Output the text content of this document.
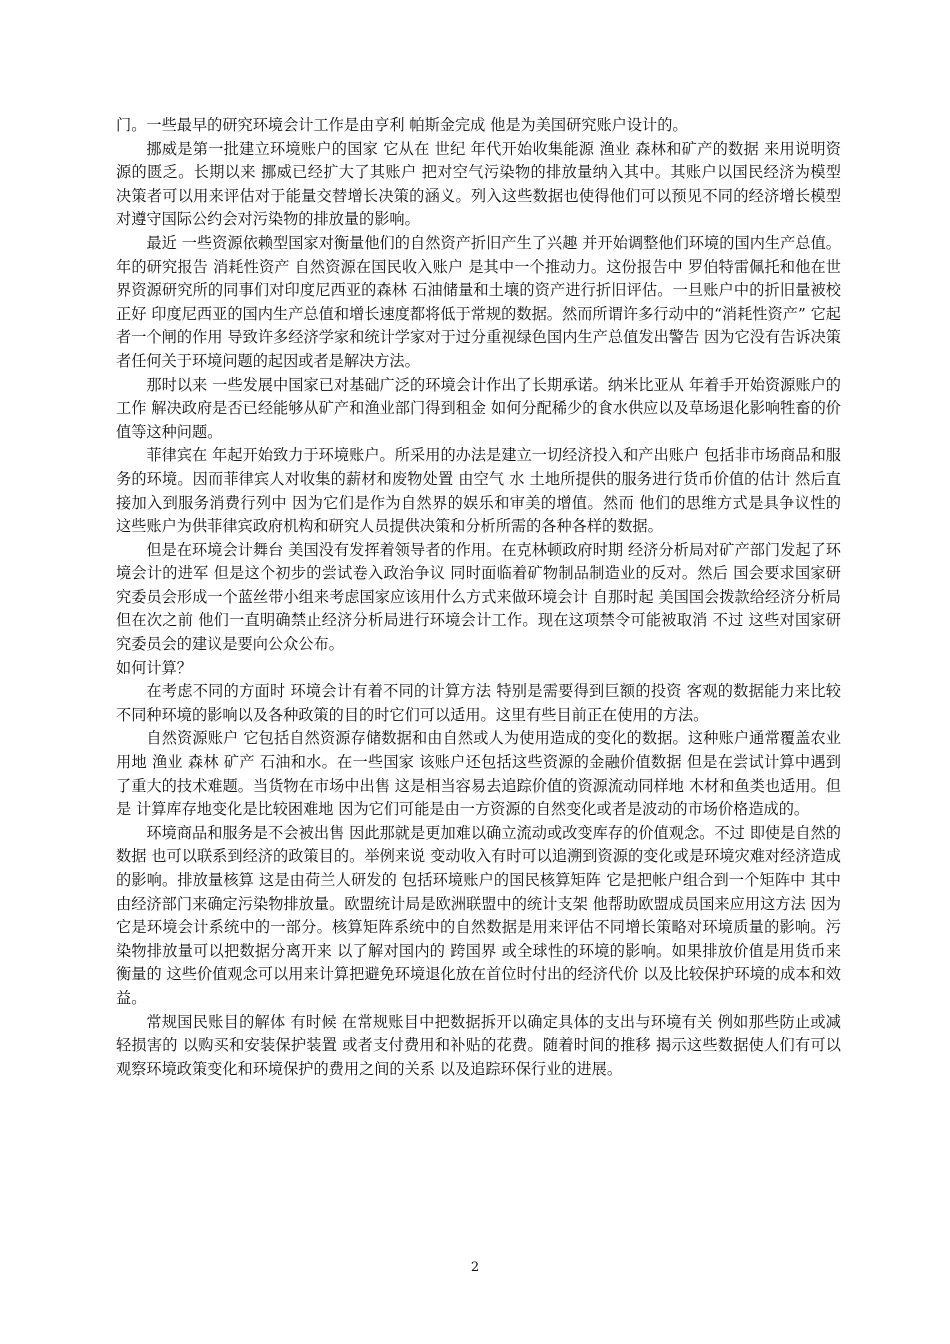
门。一些最早的研究环境会计工作是由亨利 帕斯金完成 他是为美国研究账户设计的。

挪威是第一批建立环境账户的国家 它从在 世纪 年代开始收集能源 渔业 森林和矿产的数据 来用说明资源的匮乏。长期以来 挪威已经扩大了其账户 把对空气污染物的排放量纳入其中。其账户以国民经济为模型 决策者可以用来评估对于能量交替增长决策的涵义。列入这些数据也使得他们可以预见不同的经济增长模型对遵守国际公约会对污染物的排放量的影响。

最近 一些资源依赖型国家对衡量他们的自然资产折旧产生了兴趣 并开始调整他们环境的国内生产总值。 年的研究报告 消耗性资产 自然资源在国民收入账户 是其中一个推动力。这份报告中 罗伯特雷佩托和他在世界资源研究所的同事们对印度尼西亚的森林 石油储量和土壤的资产进行折旧评估。一旦账户中的折旧量被校正好 印度尼西亚的国内生产总值和增长速度都将低于常规的数据。然而所谓许多行动中的“消耗性资产” 它起者一个闸的作用 导致许多经济学家和统计学家对于过分重视绿色国内生产总值发出警告 因为它没有告诉决策者任何关于环境问题的起因或者是解决方法。

那时以来 一些发展中国家已对基础广泛的环境会计作出了长期承诺。纳米比亚从 年着手开始资源账户的工作 解决政府是否已经能够从矿产和渔业部门得到租金 如何分配稀少的食水供应以及草场退化影响牲畜的价值等这种问题。

菲律宾在 年起开始致力于环境账户。所采用的办法是建立一切经济投入和产出账户 包括非市场商品和服务的环境。因而菲律宾人对收集的薪材和废物处置 由空气 水 土地所提供的服务进行货币价值的估计 然后直接加入到服务消费行列中 因为它们是作为自然界的娱乐和审美的增值。然而 他们的思维方式是具争议性的 这些账户为供菲律宾政府机构和研究人员提供决策和分析所需的各种各样的数据。

但是在环境会计舞台 美国没有发挥着领导者的作用。在克林顿政府时期 经济分析局对矿产部门发起了环境会计的进军 但是这个初步的尝试卷入政治争议 同时面临着矿物制品制造业的反对。然后 国会要求国家研究委员会形成一个蓝丝带小组来考虑国家应该用什么方式来做环境会计 自那时起 美国国会拨款给经济分析局 但在次之前 他们一直明确禁止经济分析局进行环境会计工作。现在这项禁令可能被取消 不过 这些对国家研究委员会的建议是要向公众公布。

如何计算？

在考虑不同的方面时 环境会计有着不同的计算方法 特别是需要得到巨额的投资 客观的数据能力来比较不同种环境的影响以及各种政策的目的时它们可以适用。这里有些目前正在使用的方法。

自然资源账户 它包括自然资源存储数据和由自然或人为使用造成的变化的数据。这种账户通常覆盖农业用地 渔业 森林 矿产 石油和水。在一些国家 该账户还包括这些资源的金融价值数据 但是在尝试计算中遇到了重大的技术难题。当货物在市场中出售 这是相当容易去追踪价值的资源流动同样地 木材和鱼类也适用。但是 计算库存地变化是比较困难地 因为它们可能是由一方资源的自然变化或者是波动的市场价格造成的。

环境商品和服务是不会被出售 因此那就是更加难以确立流动或改变库存的价值观念。不过 即使是自然的数据 也可以联系到经济的政策目的。举例来说 变动收入有时可以追溯到资源的变化或是环境灾难对经济造成的影响。排放量核算 这是由荷兰人研发的 包括环境账户的国民核算矩阵 它是把帐户组合到一个矩阵中 其中由经济部门来确定污染物排放量。欧盟统计局是欧洲联盟中的统计支架 他帮助欧盟成员国来应用这方法 因为它是环境会计系统中的一部分。核算矩阵系统中的自然数据是用来评估不同增长策略对环境质量的影响。污染物排放量可以把数据分离开来 以了解对国内的 跨国界 或全球性的环境的影响。如果排放价值是用货币来衡量的 这些价值观念可以用来计算把避免环境退化放在首位时付出的经济代价 以及比较保护环境的成本和效益。

常规国民账目的解体 有时候 在常规账目中把数据拆开以确定具体的支出与环境有关 例如那些防止或减轻损害的 以购买和安装保护装置 或者支付费用和补贴的花费。随着时间的推移 揭示这些数据使人们有可以观察环境政策变化和环境保护的费用之间的关系 以及追踪环保行业的进展。

2
